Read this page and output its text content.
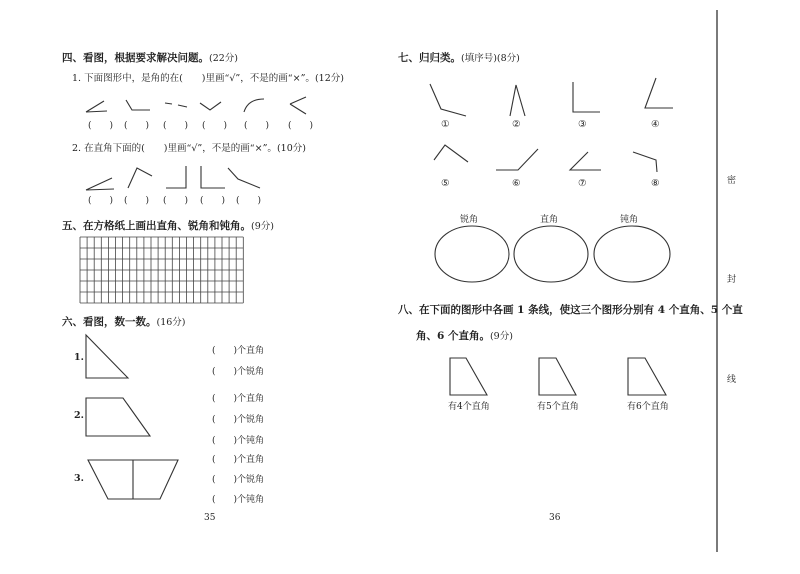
四、看图，根据要求解决问题。(22分)
1. 下面图形中，是角的在(　　)里画“√”，不是的画“×”。(12分)
(　　) (　　) (　　) (　　) (　　) (　　)
2. 在直角下面的(　　)里画“√”，不是的画“×”。(10分)
(　　) (　　) (　　) (　　) (　　)
五、在方格纸上画出直角、锐角和钝角。(9分)
六、看图，数一数。(16分)
1.
2.
3.
(　　)个直角
(　　)个锐角
(　　)个直角
(　　)个锐角
(　　)个钝角
(　　)个直角
(　　)个锐角
(　　)个钝角
35
七、归归类。(填序号)(8分)
①	②	③	④
⑤	⑥	⑦	⑧
锐角	直角	钝角
八、在下面的图形中各画 1 条线，使这三个图形分别有 4 个直角、5 个直
角、6 个直角。(9分)
有4个直角	有5个直角	有6个直角
36
密
封
线
